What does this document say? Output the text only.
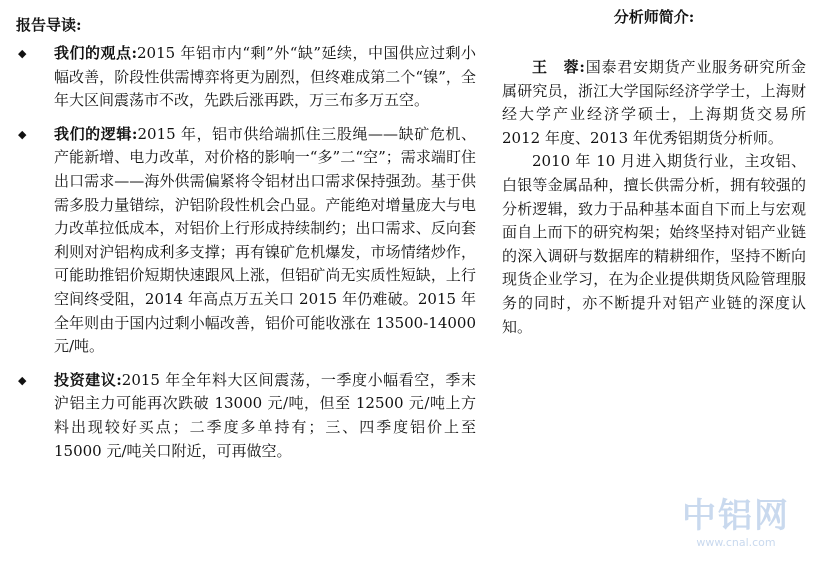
报告导读:
◆ 我们的观点:2015 年铝市内“剩”外“缺”延续，中国供应过剩小幅改善，阶段性供需博弈将更为剧烈，但终难成第二个“镍”，全年大区间震荡市不改，先跌后涨再跌，万三布多万五空。
◆ 我们的逻辑:2015 年，铝市供给端抓住三股绳——缺矿危机、产能新增、电力改革，对价格的影响一“多”二“空”；需求端盯住出口需求——海外供需偏紧将令铝材出口需求保持强劲。基于供需多股力量错综，沪铝阶段性机会凸显。产能绝对增量庞大与电力改革拉低成本，对铝价上行形成持续制约；出口需求、反向套利则对沪铝构成利多支撑；再有镍矿危机爆发，市场情绪炒作，可能助推铝价短期快速跟风上涨，但铝矿尚无实质性短缺，上行空间终受阻，2014 年高点万五关口 2015 年仍难破。2015 年全年则由于国内过剩小幅改善，铝价可能收涨在 13500-14000 元/吨。
◆ 投资建议:2015 年全年料大区间震荡，一季度小幅看空，季末沪铝主力可能再次跌破 13000 元/吨，但至 12500 元/吨上方料出现较好买点；二季度多单持有；三、四季度铝价上至 15000 元/吨关口附近，可再做空。
分析师简介:

王　蓉:国泰君安期货产业服务研究所金属研究员，浙江大学国际经济学学士，上海财经大学产业经济学硕士，上海期货交易所 2012 年度、2013 年优秀铝期货分析师。

2010 年 10 月进入期货行业，主攻铝、白银等金属品种，擅长供需分析，拥有较强的分析逻辑，致力于品种基本面自下而上与宏观面自上而下的研究构架；始终坚持对铝产业链的深入调研与数据库的精耕细作，坚持不断向现货企业学习，在为企业提供期货风险管理服务的同时，亦不断提升对铝产业链的深度认知。

中铝网
www.cnal.com
